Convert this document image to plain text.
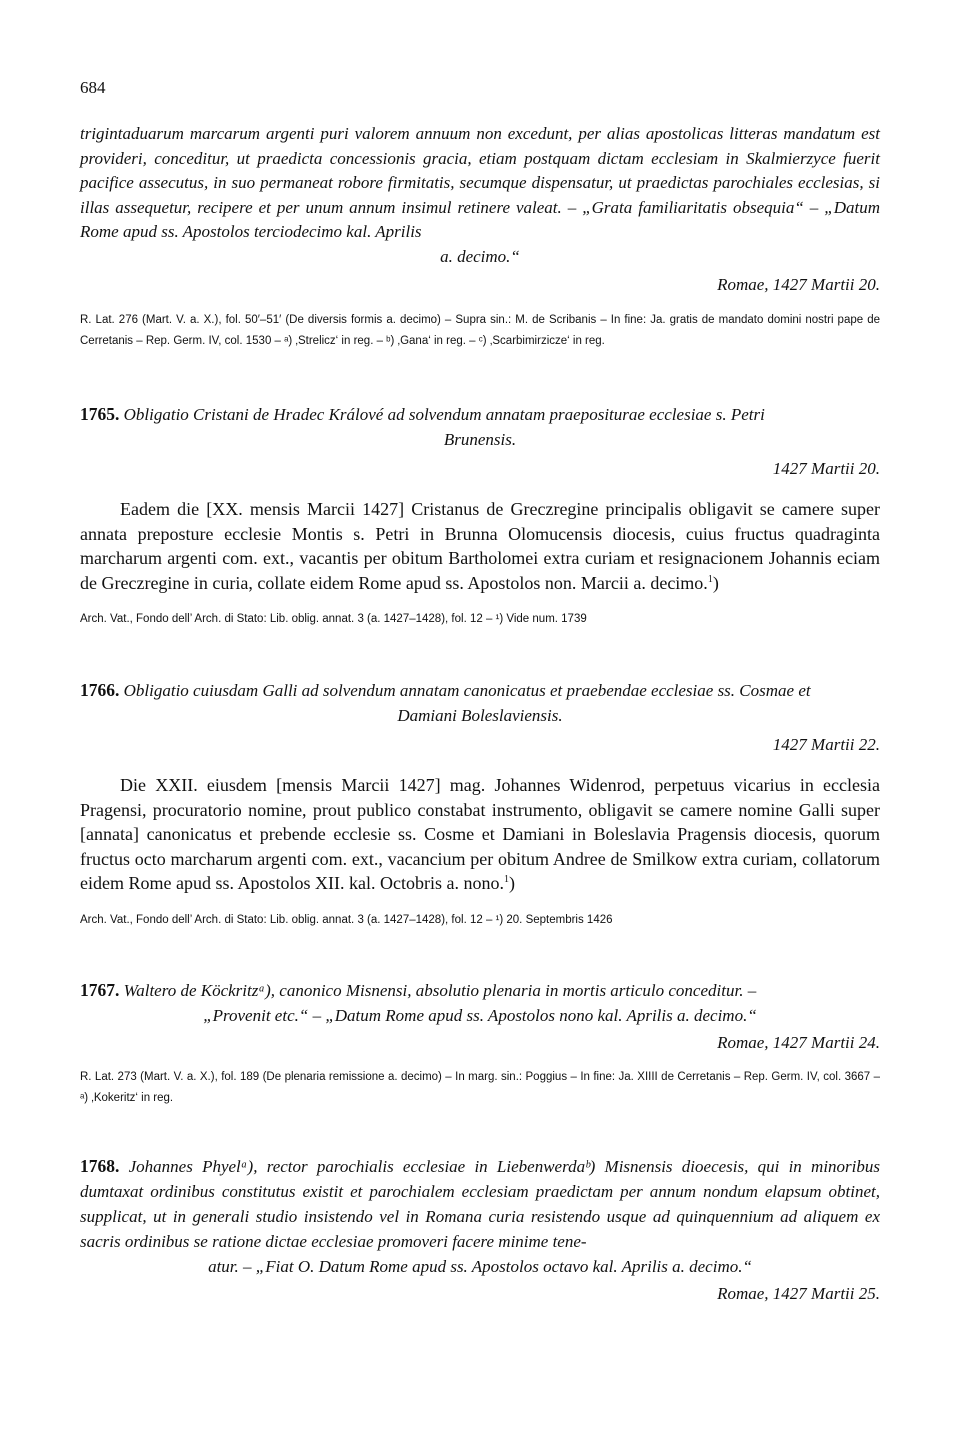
684
trigintaduarum marcarum argenti puri valorem annuum non excedunt, per alias apostolicas litteras mandatum est provideri, conceditur, ut praedicta concessionis gracia, etiam postquam dictam ecclesiam in Skalmierzyce fuerit pacifice assecutus, in suo permaneat robore firmitatis, secumque dispensatur, ut praedictas parochiales ecclesias, si illas assequetur, recipere et per unum annum insimul retinere valeat. – „Grata familiaritatis obsequia“ – „Datum Rome apud ss. Apostolos terciodecimo kal. Aprilis
a. decimo.“
Romae, 1427 Martii 20.
R. Lat. 276 (Mart. V. a. X.), fol. 50′–51′ (De diversis formis a. decimo) – Supra sin.: M. de Scribanis – In fine: Ja. gratis de mandato domini nostri pape de Cerretanis – Rep. Germ. IV, col. 1530 – ᵃ) ‚Strelicz‘ in reg. – ᵇ) ‚Gana‘ in reg. – ᶜ) ‚Scarbimirzicze‘ in reg.
1765. Obligatio Cristani de Hradec Králové ad solvendum annatam praepositurae ecclesiae s. Petri
Brunensis.
1427 Martii 20.
Eadem die [XX. mensis Marcii 1427] Cristanus de Greczregine principalis obligavit se camere super annata preposture ecclesie Montis s. Petri in Brunna Olomucensis diocesis, cuius fructus quadraginta marcharum argenti com. ext., vacantis per obitum Bartholomei extra curiam et resignacionem Johannis eciam de Greczregine in curia, collate eidem Rome apud ss. Apostolos non. Marcii a. decimo.$^1$)
Arch. Vat., Fondo dell’ Arch. di Stato: Lib. oblig. annat. 3 (a. 1427–1428), fol. 12 – ¹) Vide num. 1739
1766. Obligatio cuiusdam Galli ad solvendum annatam canonicatus et praebendae ecclesiae ss. Cosmae et
Damiani Boleslaviensis.
1427 Martii 22.
Die XXII. eiusdem [mensis Marcii 1427] mag. Johannes Widenrod, perpetuus vicarius in ecclesia Pragensi, procuratorio nomine, prout publico constabat instrumento, obligavit se camere nomine Galli super [annata] canonicatus et prebende ecclesie ss. Cosme et Damiani in Boleslavia Pragensis diocesis, quorum fructus octo marcharum argenti com. ext., vacancium per obitum Andree de Smilkow extra curiam, collatorum eidem Rome apud ss. Apostolos XII. kal. Octobris a. nono.$^1$)
Arch. Vat., Fondo dell’ Arch. di Stato: Lib. oblig. annat. 3 (a. 1427–1428), fol. 12 – ¹) 20. Septembris 1426
1767. Waltero de Köckritzᵃ), canonico Misnensi, absolutio plenaria in mortis articulo conceditur. –
„Provenit etc.“ – „Datum Rome apud ss. Apostolos nono kal. Aprilis a. decimo.“
Romae, 1427 Martii 24.
R. Lat. 273 (Mart. V. a. X.), fol. 189 (De plenaria remissione a. decimo) – In marg. sin.: Poggius – In fine: Ja. XIIII de Cerretanis – Rep. Germ. IV, col. 3667 – ᵃ) ‚Kokeritz‘ in reg.
1768. Johannes Phyelᵃ), rector parochialis ecclesiae in Liebenwerdaᵇ) Misnensis dioecesis, qui in minoribus dumtaxat ordinibus constitutus existit et parochialem ecclesiam praedictam per annum nondum elapsum obtinet, supplicat, ut in generali studio insistendo vel in Romana curia resistendo usque ad quinquennium ad aliquem ex sacris ordinibus se ratione dictae ecclesiae promoveri facere minime tene-
atur. – „Fiat O. Datum Rome apud ss. Apostolos octavo kal. Aprilis a. decimo.“
Romae, 1427 Martii 25.
